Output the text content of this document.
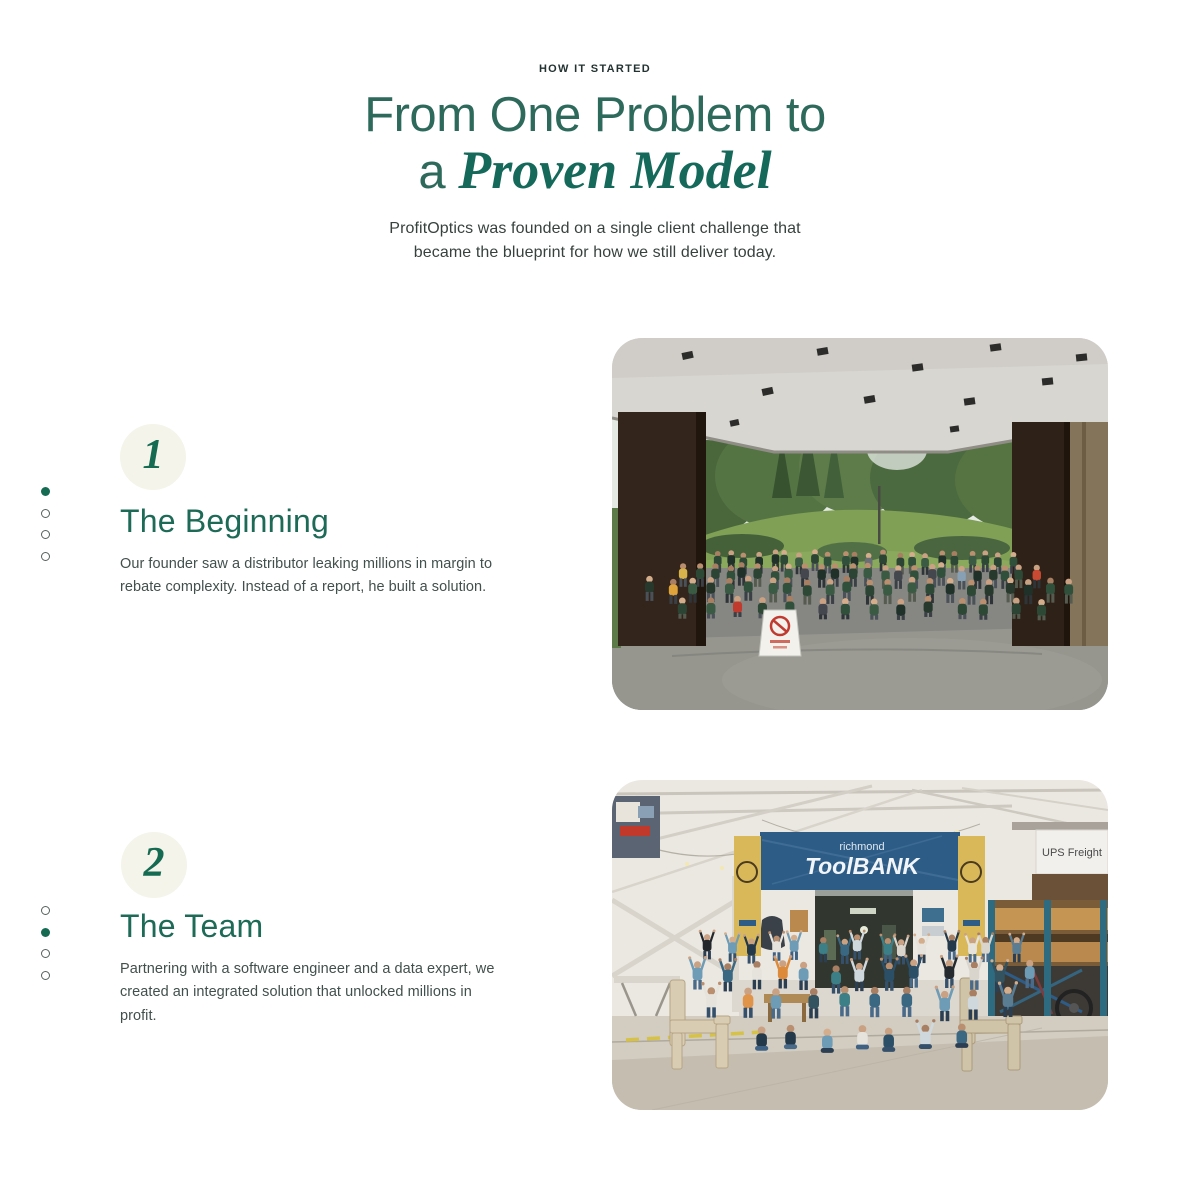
HOW IT STARTED
From One Problem to
a Proven Model
ProfitOptics was founded on a single client challenge that
became the blueprint for how we still deliver today.
1
The Beginning
Our founder saw a distributor leaking millions in margin to
rebate complexity. Instead of a report, he built a solution.
2
The Team
Partnering with a software engineer and a data expert, we
created an integrated solution that unlocked millions in
profit.
richmond
ToolBANK	UPS Freight
